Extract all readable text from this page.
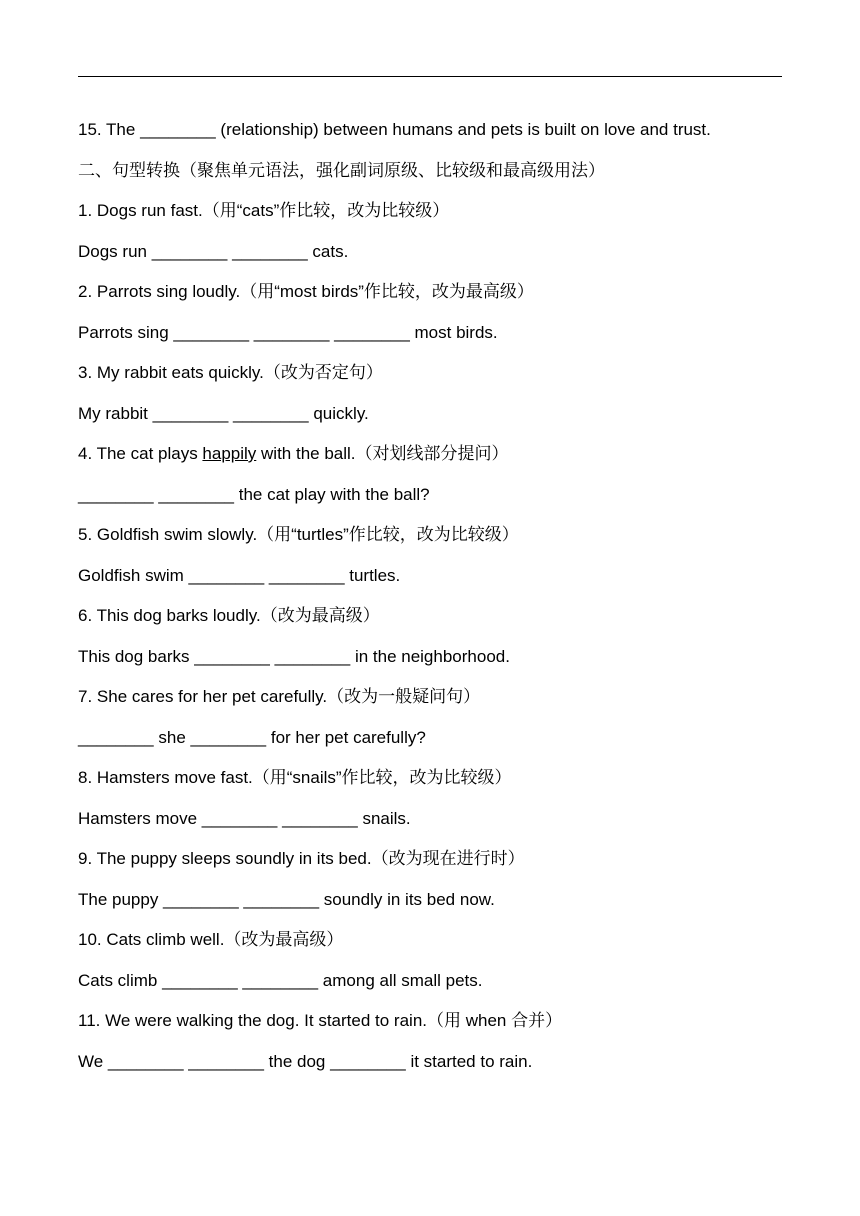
15. The ________ (relationship) between humans and pets is built on love and trust.
二、句型转换（聚焦单元语法，强化副词原级、比较级和最高级用法）
1. Dogs run fast.（用“cats”作比较，改为比较级）
Dogs run ________ ________ cats.
2. Parrots sing loudly.（用“most birds”作比较，改为最高级）
Parrots sing ________ ________ ________ most birds.
3. My rabbit eats quickly.（改为否定句）
My rabbit ________ ________ quickly.
4. The cat plays happily with the ball.（对划线部分提问）
________ ________ the cat play with the ball?
5. Goldfish swim slowly.（用“turtles”作比较，改为比较级）
Goldfish swim ________ ________ turtles.
6. This dog barks loudly.（改为最高级）
This dog barks ________ ________ in the neighborhood.
7. She cares for her pet carefully.（改为一般疑问句）
________ she ________ for her pet carefully?
8. Hamsters move fast.（用“snails”作比较，改为比较级）
Hamsters move ________ ________ snails.
9. The puppy sleeps soundly in its bed.（改为现在进行时）
The puppy ________ ________ soundly in its bed now.
10. Cats climb well.（改为最高级）
Cats climb ________ ________ among all small pets.
11. We were walking the dog. It started to rain.（用 when 合并）
We ________ ________ the dog ________ it started to rain.
